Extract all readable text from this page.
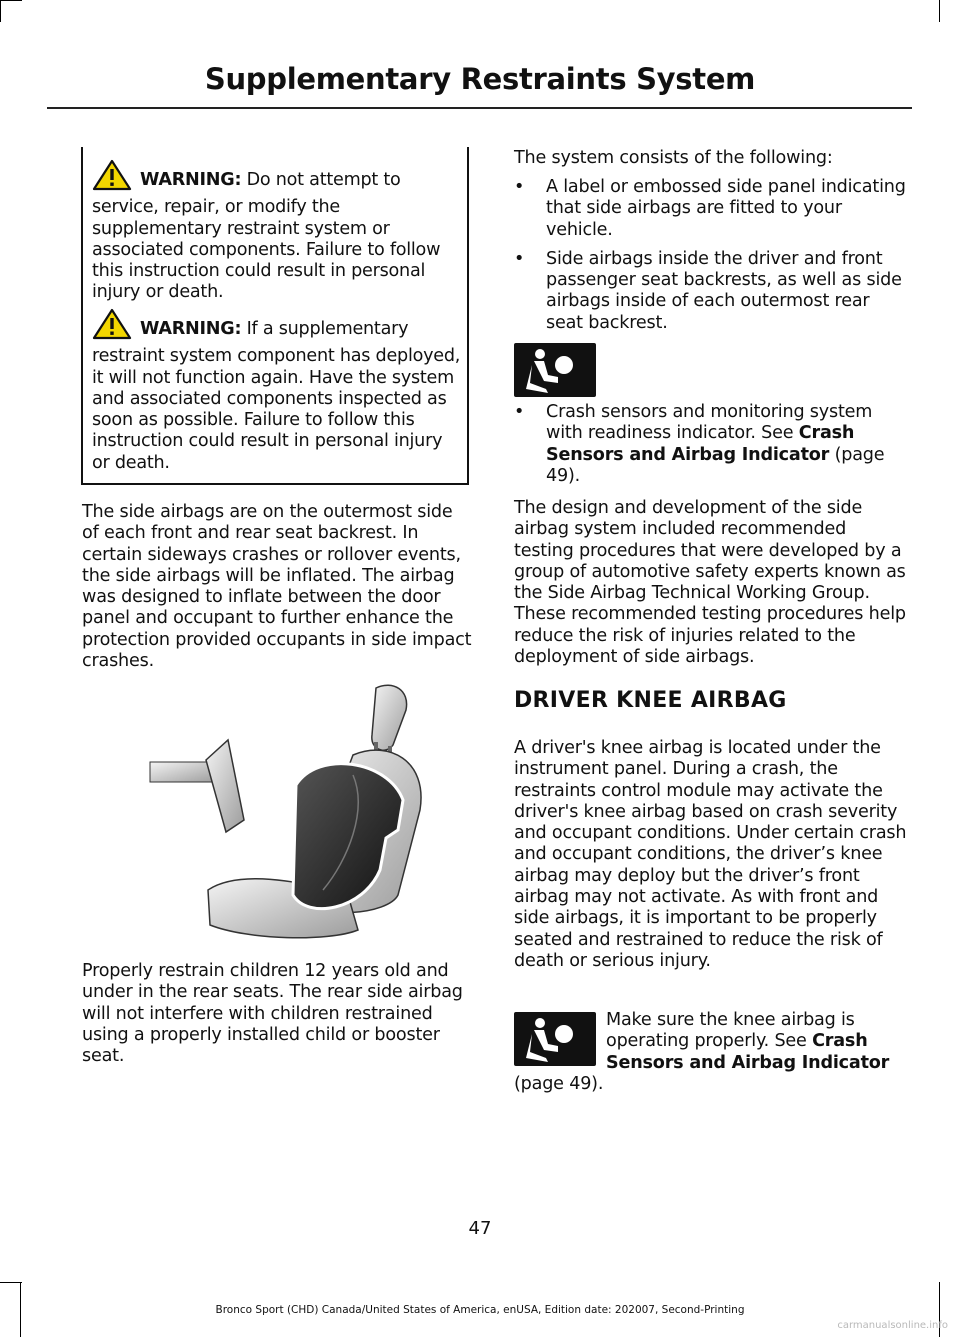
Supplementary Restraints System
WARNING: Do not attempt to service, repair, or modify the supplementary restraint system or associated components. Failure to follow this instruction could result in personal injury or death.
WARNING: If a supplementary restraint system component has deployed, it will not function again. Have the system and associated components inspected as soon as possible. Failure to follow this instruction could result in personal injury or death.

The side airbags are on the outermost side of each front and rear seat backrest. In certain sideways crashes or rollover events, the side airbags will be inflated. The airbag was designed to inflate between the door panel and occupant to further enhance the protection provided occupants in side impact crashes.

Properly restrain children 12 years old and under in the rear seats. The rear side airbag will not interfere with children restrained using a properly installed child or booster seat.

The system consists of the following:

• A label or embossed side panel indicating that side airbags are fitted to your vehicle.

• Side airbags inside the driver and front passenger seat backrests, as well as side airbags inside of each outermost rear seat backrest.

• Crash sensors and monitoring system with readiness indicator. See Crash Sensors and Airbag Indicator (page 49).

The design and development of the side airbag system included recommended testing procedures that were developed by a group of automotive safety experts known as the Side Airbag Technical Working Group. These recommended testing procedures help reduce the risk of injuries related to the deployment of side airbags.

DRIVER KNEE AIRBAG

A driver's knee airbag is located under the instrument panel. During a crash, the restraints control module may activate the driver's knee airbag based on crash severity and occupant conditions. Under certain crash and occupant conditions, the driver’s knee airbag may deploy but the driver’s front airbag may not activate. As with front and side airbags, it is important to be properly seated and restrained to reduce the risk of death or serious injury.

Make sure the knee airbag is operating properly. See Crash Sensors and Airbag Indicator

(page 49).

47
Bronco Sport (CHD) Canada/United States of America, enUSA, Edition date: 202007, Second-Printing
carmanualsonline.info
